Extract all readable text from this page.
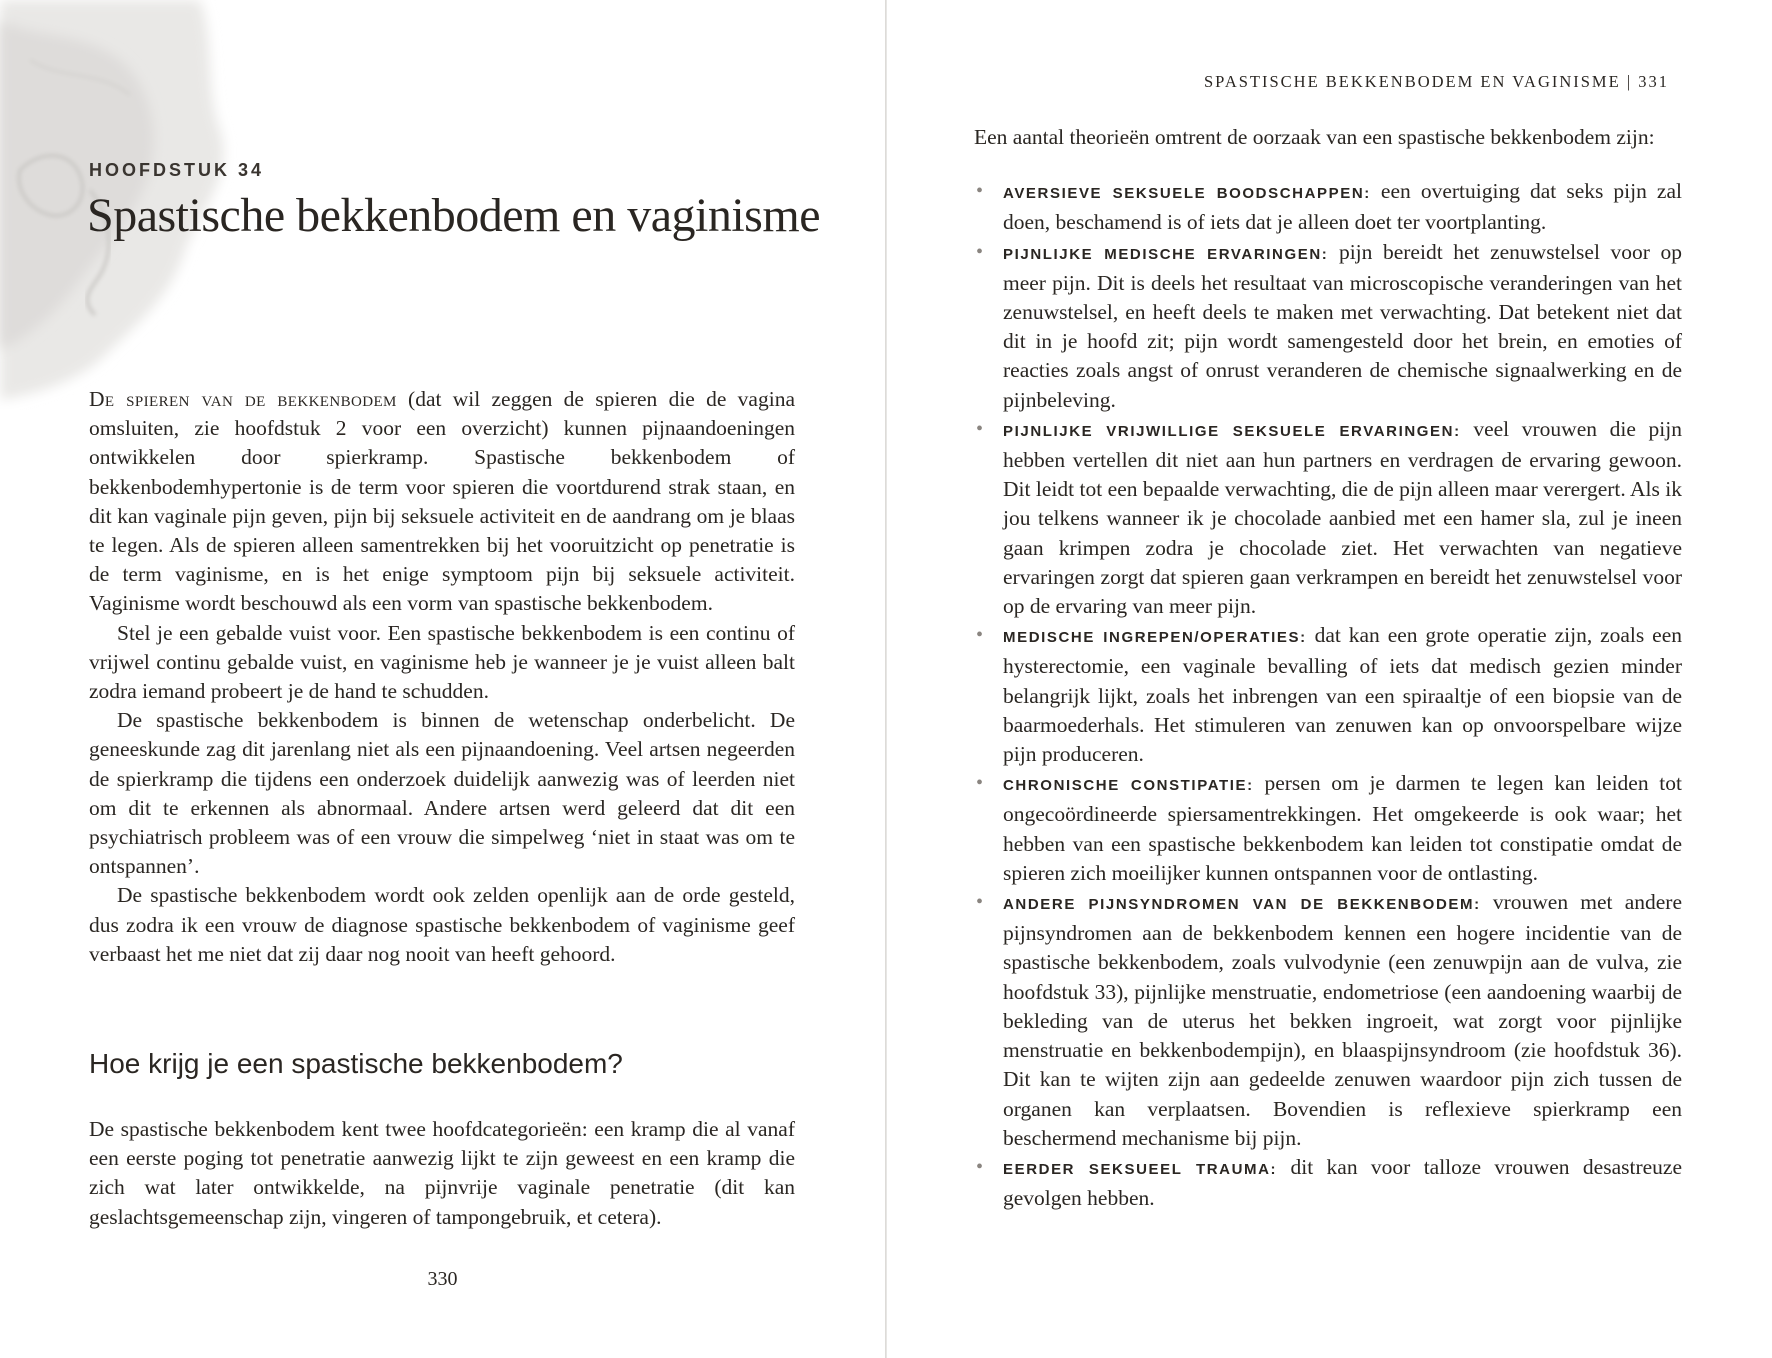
HOOFDSTUK 34
Spastische bekkenbodem en vaginisme

De spieren van de bekkenbodem (dat wil zeggen de spieren die de vagina omsluiten, zie hoofdstuk 2 voor een overzicht) kunnen pijnaandoeningen ontwikkelen door spierkramp. Spastische bekkenbodem of bekkenbodemhypertonie is de term voor spieren die voortdurend strak staan, en dit kan vaginale pijn geven, pijn bij seksuele activiteit en de aandrang om je blaas te legen. Als de spieren alleen samentrekken bij het vooruitzicht op penetratie is de term vaginisme, en is het enige symptoom pijn bij seksuele activiteit. Vaginisme wordt beschouwd als een vorm van spastische bekkenbodem.

Stel je een gebalde vuist voor. Een spastische bekkenbodem is een continu of vrijwel continu gebalde vuist, en vaginisme heb je wanneer je je vuist alleen balt zodra iemand probeert je de hand te schudden.

De spastische bekkenbodem is binnen de wetenschap onderbelicht. De geneeskunde zag dit jarenlang niet als een pijnaandoening. Veel artsen negeerden de spierkramp die tijdens een onderzoek duidelijk aanwezig was of leerden niet om dit te erkennen als abnormaal. Andere artsen werd geleerd dat dit een psychiatrisch probleem was of een vrouw die simpelweg ‘niet in staat was om te ontspannen’.

De spastische bekkenbodem wordt ook zelden openlijk aan de orde gesteld, dus zodra ik een vrouw de diagnose spastische bekkenbodem of vaginisme geef verbaast het me niet dat zij daar nog nooit van heeft gehoord.

Hoe krijg je een spastische bekkenbodem?

De spastische bekkenbodem kent twee hoofdcategorieën: een kramp die al vanaf een eerste poging tot penetratie aanwezig lijkt te zijn geweest en een kramp die zich wat later ontwikkelde, na pijnvrije vaginale penetratie (dit kan geslachtsgemeenschap zijn, vingeren of tampongebruik, et cetera).

330
SPASTISCHE BEKKENBODEM EN VAGINISME | 331

Een aantal theorieën omtrent de oorzaak van een spastische bekkenbodem zijn:

• AVERSIEVE SEKSUELE BOODSCHAPPEN: een overtuiging dat seks pijn zal doen, beschamend is of iets dat je alleen doet ter voortplanting.
• PIJNLIJKE MEDISCHE ERVARINGEN: pijn bereidt het zenuwstelsel voor op meer pijn. Dit is deels het resultaat van microscopische veranderingen van het zenuwstelsel, en heeft deels te maken met verwachting. Dat betekent niet dat dit in je hoofd zit; pijn wordt samengesteld door het brein, en emoties of reacties zoals angst of onrust veranderen de chemische signaalwerking en de pijnbeleving.
• PIJNLIJKE VRIJWILLIGE SEKSUELE ERVARINGEN: veel vrouwen die pijn hebben vertellen dit niet aan hun partners en verdragen de ervaring gewoon. Dit leidt tot een bepaalde verwachting, die de pijn alleen maar verergert. Als ik jou telkens wanneer ik je chocolade aanbied met een hamer sla, zul je ineen gaan krimpen zodra je chocolade ziet. Het verwachten van negatieve ervaringen zorgt dat spieren gaan verkrampen en bereidt het zenuwstelsel voor op de ervaring van meer pijn.
• MEDISCHE INGREPEN/OPERATIES: dat kan een grote operatie zijn, zoals een hysterectomie, een vaginale bevalling of iets dat medisch gezien minder belangrijk lijkt, zoals het inbrengen van een spiraaltje of een biopsie van de baarmoederhals. Het stimuleren van zenuwen kan op onvoorspelbare wijze pijn produceren.
• CHRONISCHE CONSTIPATIE: persen om je darmen te legen kan leiden tot ongecoördineerde spiersamentrekkingen. Het omgekeerde is ook waar; het hebben van een spastische bekkenbodem kan leiden tot constipatie omdat de spieren zich moeilijker kunnen ontspannen voor de ontlasting.
• ANDERE PIJNSYNDROMEN VAN DE BEKKENBODEM: vrouwen met andere pijnsyndromen aan de bekkenbodem kennen een hogere incidentie van de spastische bekkenbodem, zoals vulvodynie (een zenuwpijn aan de vulva, zie hoofdstuk 33), pijnlijke menstruatie, endometriose (een aandoening waarbij de bekleding van de uterus het bekken ingroeit, wat zorgt voor pijnlijke menstruatie en bekkenbodempijn), en blaaspijnsyndroom (zie hoofdstuk 36). Dit kan te wijten zijn aan gedeelde zenuwen waardoor pijn zich tussen de organen kan verplaatsen. Bovendien is reflexieve spierkramp een beschermend mechanisme bij pijn.
• EERDER SEKSUEEL TRAUMA: dit kan voor talloze vrouwen desastreuze gevolgen hebben.
